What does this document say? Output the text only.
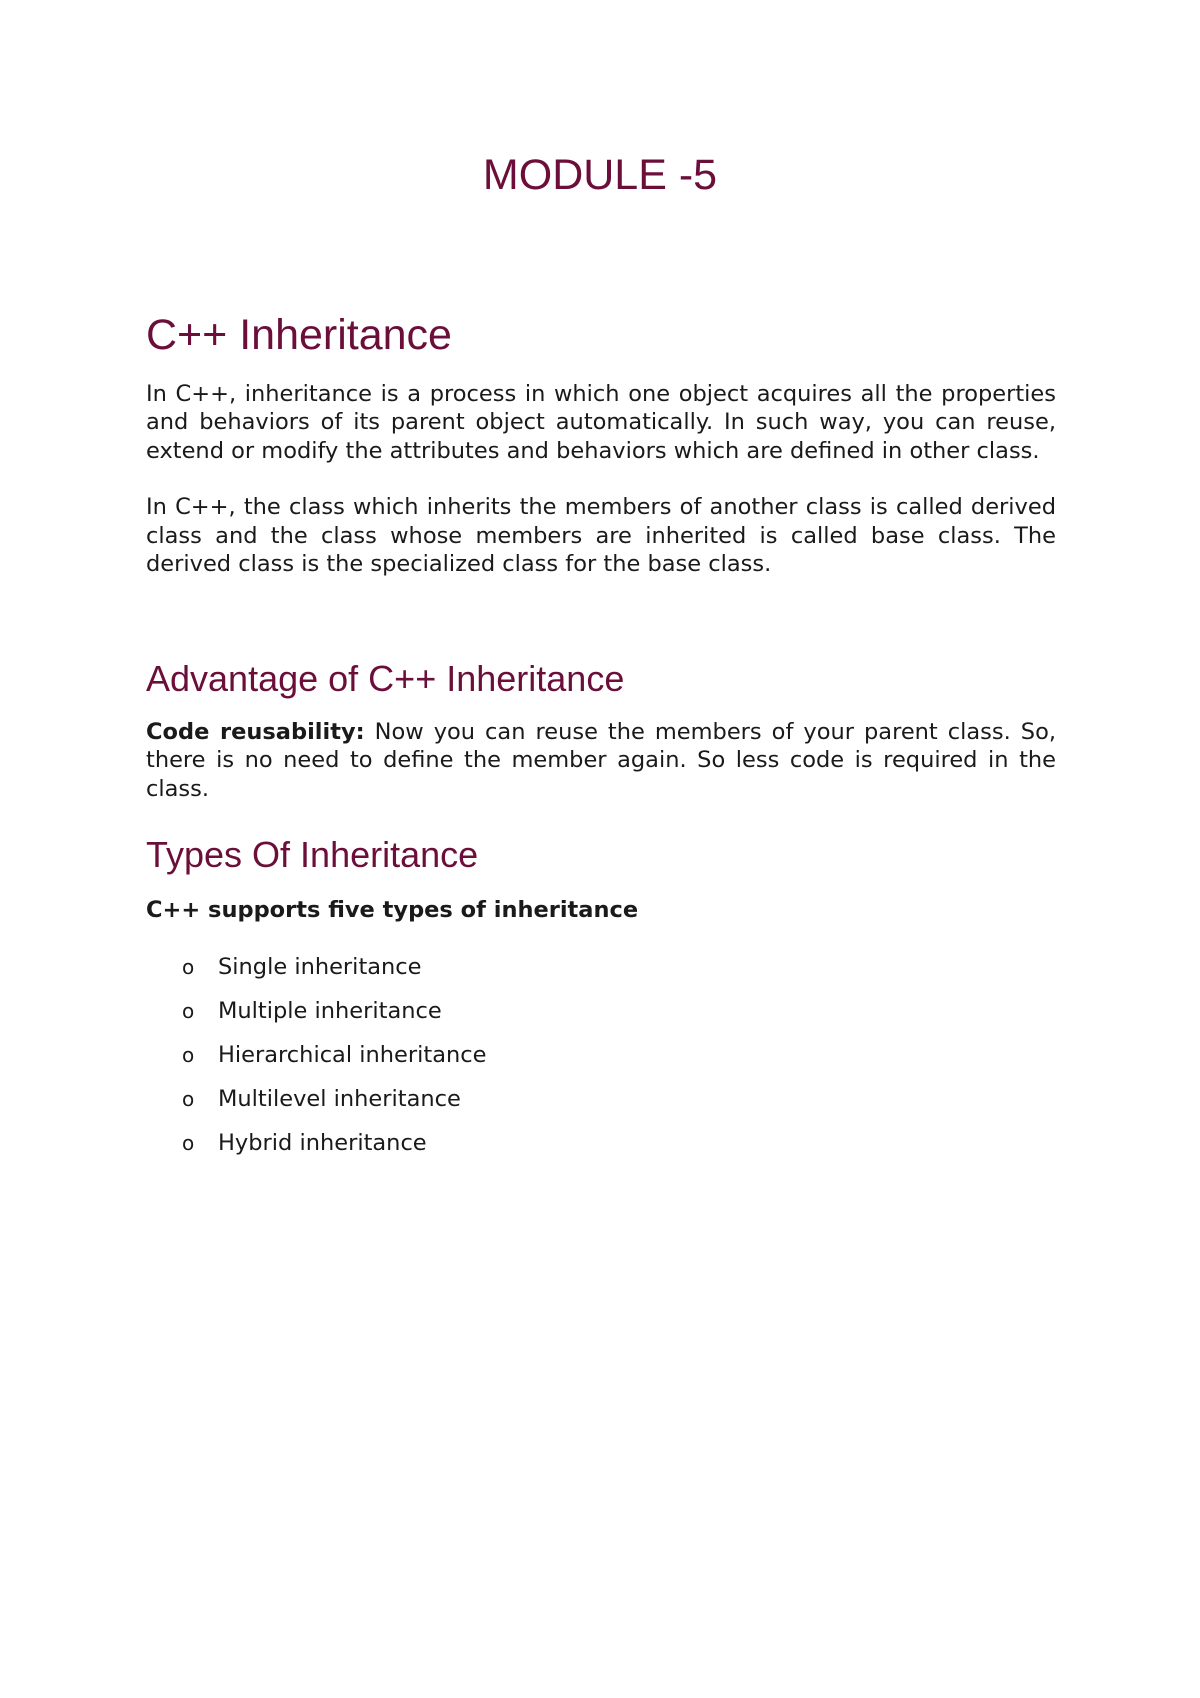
MODULE -5
C++ Inheritance

In C++, inheritance is a process in which one object acquires all the properties and behaviors of its parent object automatically. In such way, you can reuse, extend or modify the attributes and behaviors which are defined in other class.

In C++, the class which inherits the members of another class is called derived class and the class whose members are inherited is called base class. The derived class is the specialized class for the base class.

Advantage of C++ Inheritance

Code reusability: Now you can reuse the members of your parent class. So, there is no need to define the member again. So less code is required in the class.

Types Of Inheritance

C++ supports five types of inheritance

o	Single inheritance
o	Multiple inheritance
o	Hierarchical inheritance
o	Multilevel inheritance
o	Hybrid inheritance
